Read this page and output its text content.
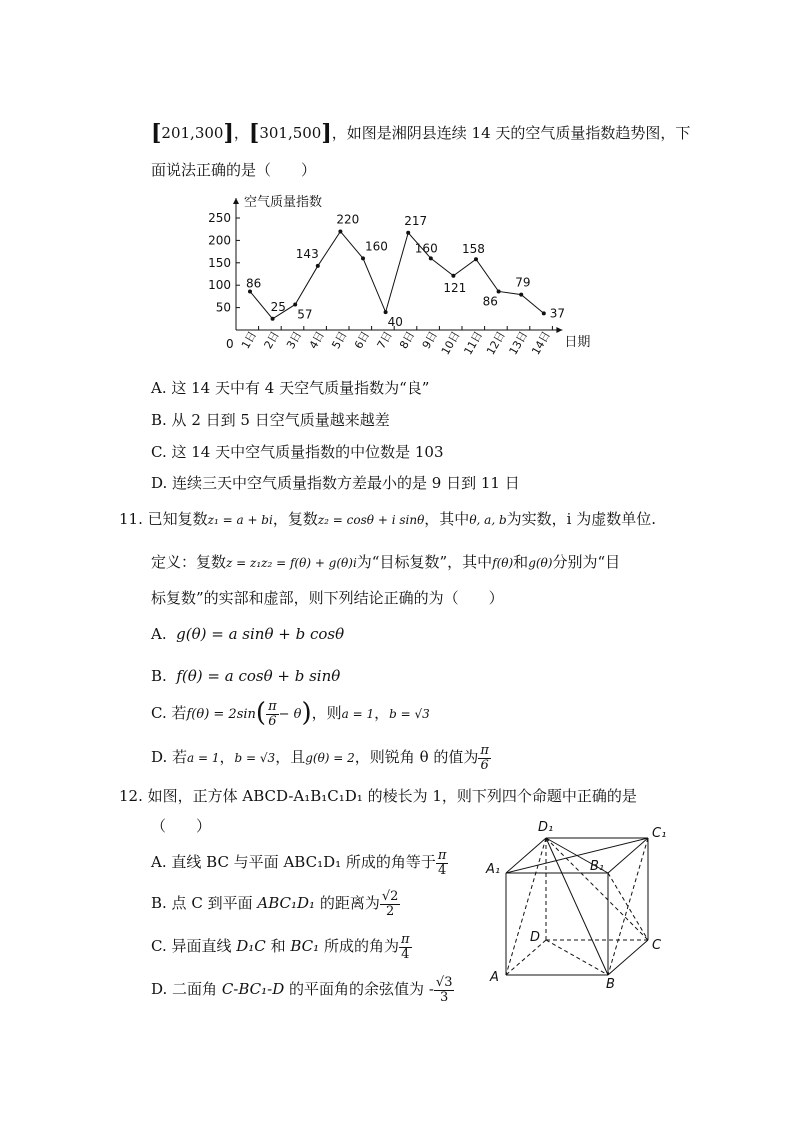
[201,300]，[301,500]，如图是湘阴县连续 14 天的空气质量指数趋势图，下
面说法正确的是（　　）
空气质量指数
日期
0
50
100
150
200
250
1日 2日 3日 4日 5日 6日 7日 8日 9日
10日
11日
12日
13日
14日
86
25
57
143
220
160
40
217
160
121
158
86
79
37
A. 这 14 天中有 4 天空气质量指数为“良”
B. 从 2 日到 5 日空气质量越来越差
C. 这 14 天中空气质量指数的中位数是 103
D. 连续三天中空气质量指数方差最小的是 9 日到 11 日
11. 已知复数z₁ = a + bi，复数z₂ = cosθ + i sinθ，其中θ, a, b为实数，i 为虚数单位.
定义：复数z = z₁z₂ = f(θ) + g(θ)i为“目标复数”，其中f(θ)和g(θ)分别为“目
标复数”的实部和虚部，则下列结论正确的为（　　）
A. g(θ) = a sinθ + b cosθ
B. f(θ) = a cosθ + b sinθ
C. 若$f(\theta) = 2\sin( \frac{\pi}{6} - \theta)$，则a = 1，b = √3
D. 若a = 1，b = √3，且g(θ) = 2，则锐角 θ 的值为 $\frac{\pi}{6}$
12. 如图，正方体 ABCD-A₁B₁C₁D₁ 的棱长为 1，则下列四个命题中正确的是
（　　）
A. 直线 BC 与平面 ABC₁D₁ 所成的角等于 $\frac{\pi}{4}$
B. 点 C 到平面 ABC₁D₁ 的距离为 $\frac{√2}{2}$
C. 异面直线 D₁C 和 BC₁ 所成的角为 $\frac{\pi}{4}$
D. 二面角 C-BC₁-D 的平面角的余弦值为 - $\frac{√3}{3}$
D₁	C₁
A₁	B₁
D
C
A	B
